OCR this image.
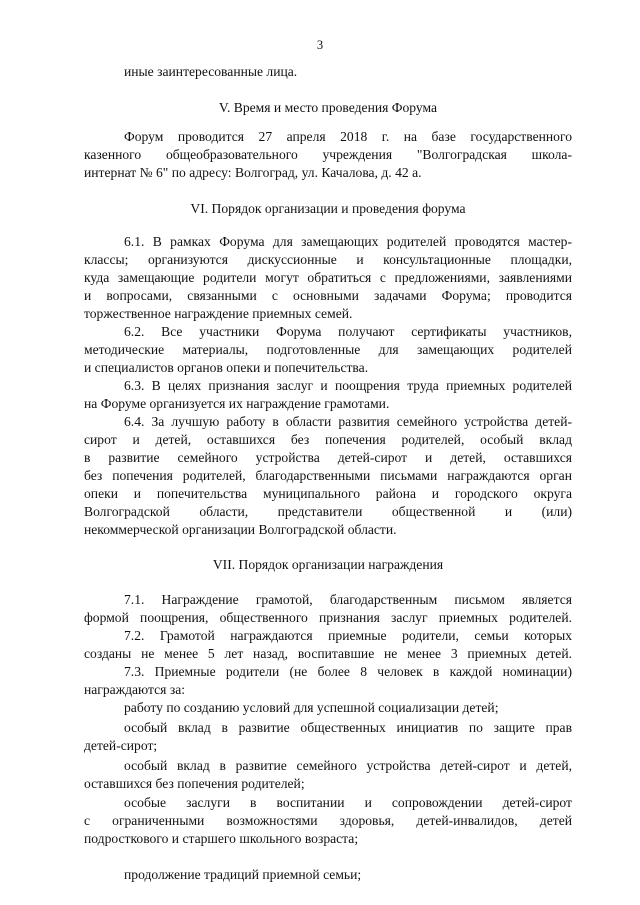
3
иные заинтересованные лица.
V. Время и место проведения Форума
Форум проводится 27 апреля 2018 г. на базе государственного
казенного общеобразовательного учреждения "Волгоградская школа-
интернат № 6" по адресу: Волгоград, ул. Качалова, д. 42 а.
VI. Порядок организации и проведения форума
6.1. В рамках Форума для замещающих родителей проводятся мастер-
классы; организуются дискуссионные и консультационные площадки,
куда замещающие родители могут обратиться с предложениями, заявлениями
и вопросами, связанными с основными задачами Форума; проводится
торжественное награждение приемных семей.
6.2. Все участники Форума получают сертификаты участников,
методические материалы, подготовленные для замещающих родителей
и специалистов органов опеки и попечительства.
6.3. В целях признания заслуг и поощрения труда приемных родителей
на Форуме организуется их награждение грамотами.
6.4. За лучшую работу в области развития семейного устройства детей-
сирот и детей, оставшихся без попечения родителей, особый вклад
в развитие семейного устройства детей-сирот и детей, оставшихся
без попечения родителей, благодарственными письмами награждаются орган
опеки и попечительства муниципального района и городского округа
Волгоградской области, представители общественной и (или)
некоммерческой организации Волгоградской области.
VII. Порядок организации награждения
7.1. Награждение грамотой, благодарственным письмом является
формой поощрения, общественного признания заслуг приемных родителей.
7.2. Грамотой награждаются приемные родители, семьи которых
созданы не менее 5 лет назад, воспитавшие не менее 3 приемных детей.
7.3. Приемные родители (не более 8 человек в каждой номинации)
награждаются за:
работу по созданию условий для успешной социализации детей;
особый вклад в развитие общественных инициатив по защите прав
детей-сирот;
особый вклад в развитие семейного устройства детей-сирот и детей,
оставшихся без попечения родителей;
особые заслуги в воспитании и сопровождении детей-сирот
с ограниченными возможностями здоровья, детей-инвалидов, детей
подросткового и старшего школьного возраста;
продолжение традиций приемной семьи;
